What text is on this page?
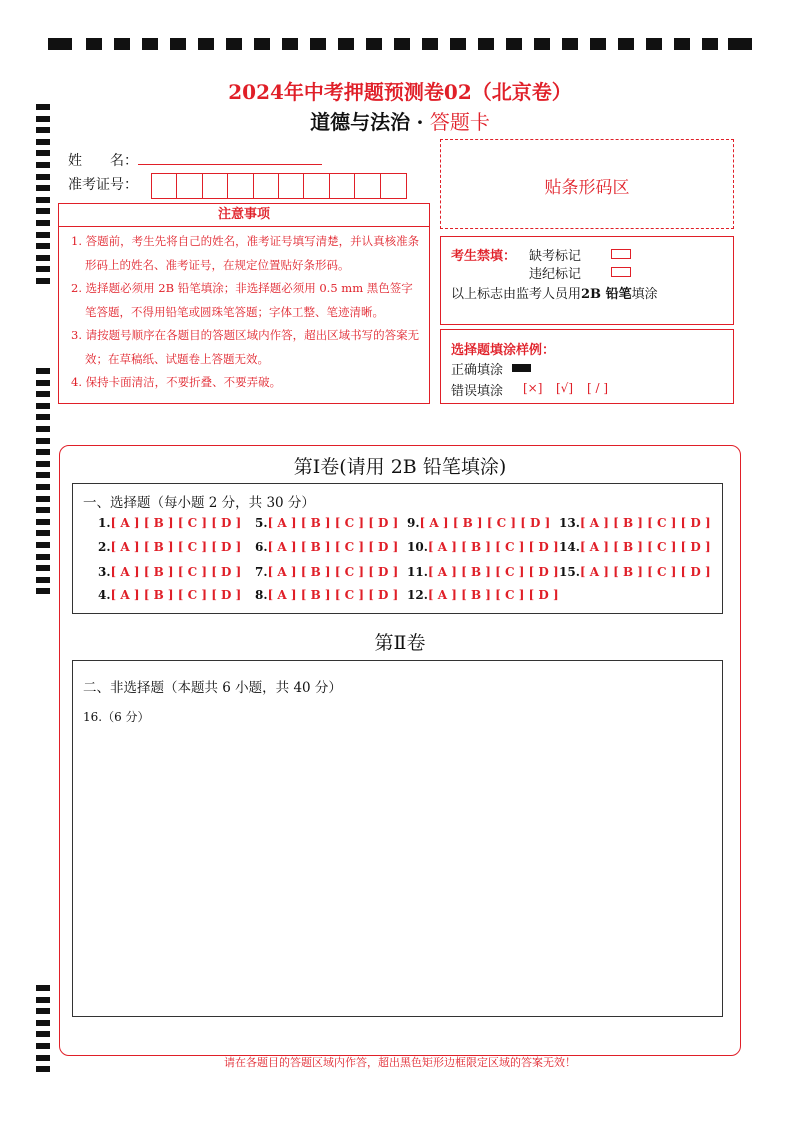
2024年中考押题预测卷02（北京卷）
道德与法治 · 答题卡
姓　　名：
准考证号：	贴条形码区
注意事项

1. 答题前，考生先将自己的姓名，准考证号填写清楚，并认真核准条形码上的姓名、准考证号，在规定位置贴好条形码。

2. 选择题必须用 2B 铅笔填涂；非选择题必须用 0.5 mm 黑色签字笔答题，不得用铅笔或圆珠笔答题；字体工整、笔迹清晰。

3. 请按题号顺序在各题目的答题区域内作答，超出区域书写的答案无效；在草稿纸、试题卷上答题无效。

4. 保持卡面清洁，不要折叠、不要弄破。

考生禁填： 缺考标记
违纪标记
以上标志由监考人员用2B 铅笔填涂
选择题填涂样例：
正确填涂
错误填涂 [×] [√] [ / ]
第Ⅰ卷(请用 2B 铅笔填涂)
一、选择题（每小题 2 分，共 30 分）
1.[ A ] [ B ] [ C ] [ D ]
2.[ A ] [ B ] [ C ] [ D ]
3.[ A ] [ B ] [ C ] [ D ]
4.[ A ] [ B ] [ C ] [ D ]
5.[ A ] [ B ] [ C ] [ D ]
6.[ A ] [ B ] [ C ] [ D ]
7.[ A ] [ B ] [ C ] [ D ]
8.[ A ] [ B ] [ C ] [ D ]
9.[ A ] [ B ] [ C ] [ D ]
10.[ A ] [ B ] [ C ] [ D ]
11.[ A ] [ B ] [ C ] [ D ]
12.[ A ] [ B ] [ C ] [ D ]
13.[ A ] [ B ] [ C ] [ D ]
14.[ A ] [ B ] [ C ] [ D ]
15.[ A ] [ B ] [ C ] [ D ]
第Ⅱ卷
二、非选择题（本题共 6 小题，共 40 分）
16.（6 分）
请在各题目的答题区域内作答，超出黑色矩形边框限定区域的答案无效！
